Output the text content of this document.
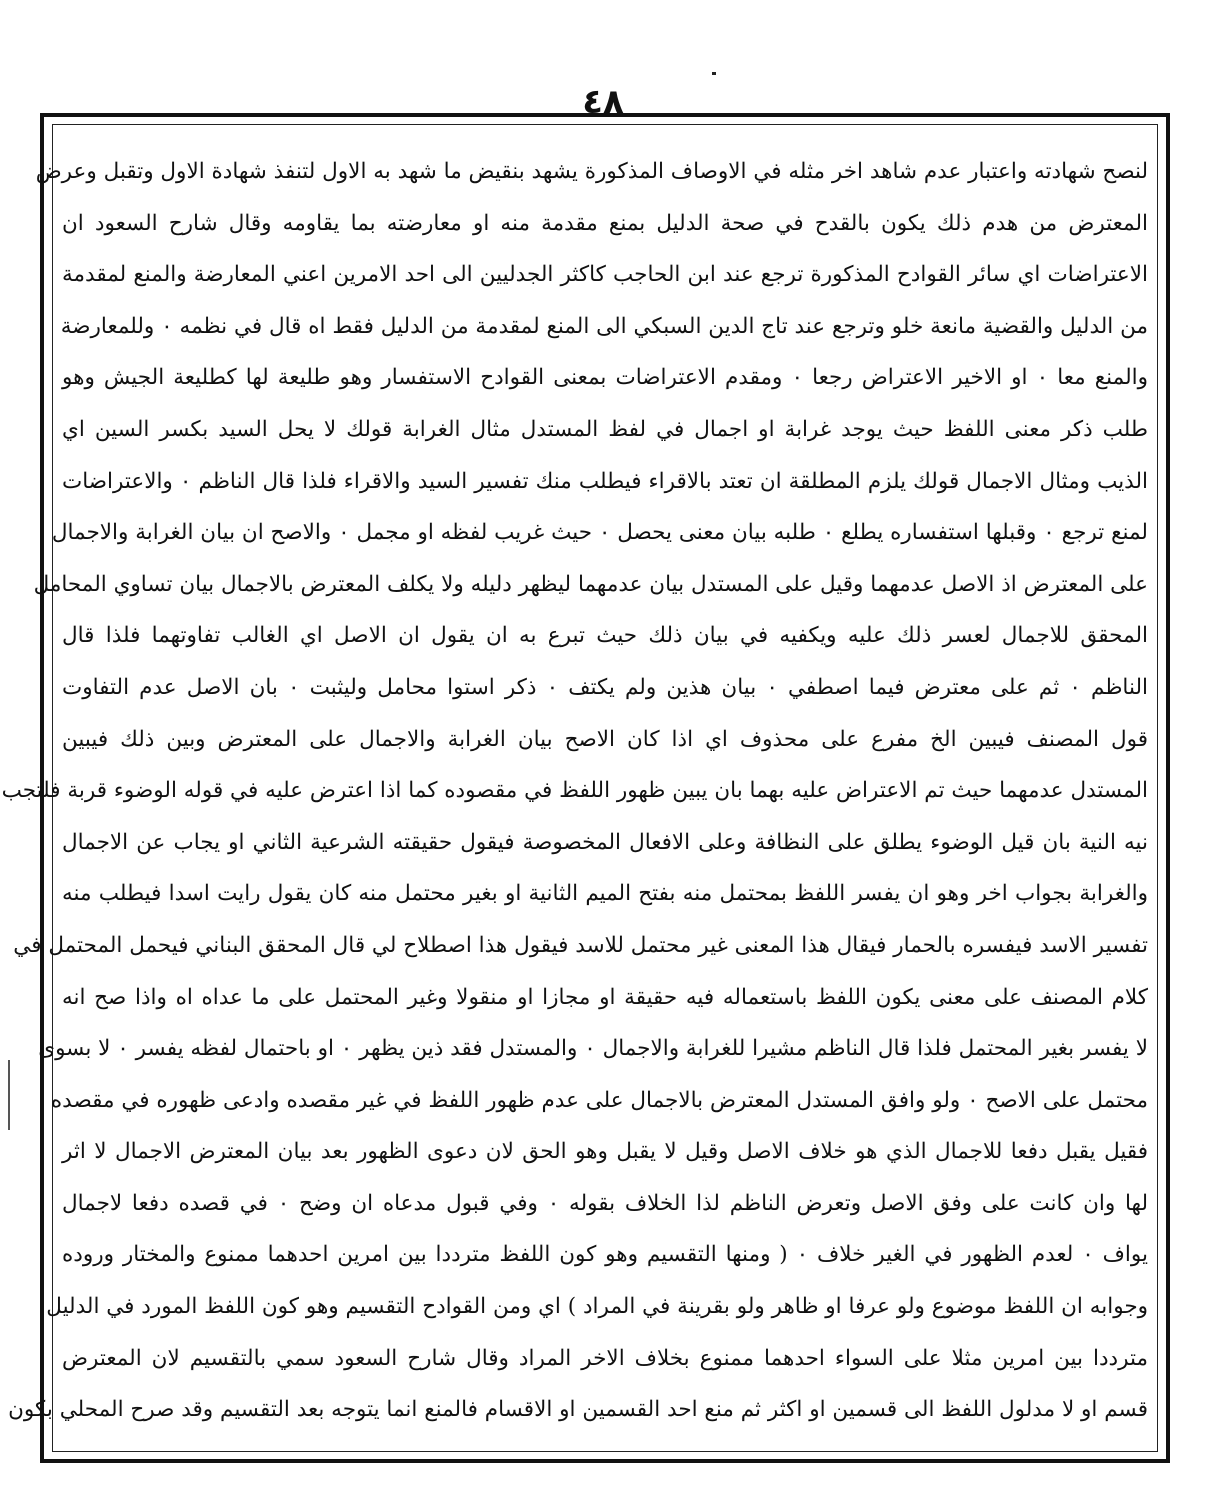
٤٨
لنصح شهادته واعتبار عدم شاهد اخر مثله في الاوصاف المذكورة يشهد بنقيض ما شهد به الاول لتنفذ شهادة الاول وتقبل وعرض
المعترض من هدم ذلك يكون بالقدح في صحة الدليل بمنع مقدمة منه او معارضته بما يقاومه وقال شارح السعود ان
الاعتراضات اي سائر القوادح المذكورة ترجع عند ابن الحاجب كاكثر الجدليين الى احد الامرين اعني المعارضة والمنع لمقدمة
من الدليل والقضية مانعة خلو وترجع عند تاج الدين السبكي الى المنع لمقدمة من الدليل فقط اه قال في نظمه ٠ وللمعارضة
والمنع معا ٠ او الاخير الاعتراض رجعا ٠ ومقدم الاعتراضات بمعنى القوادح الاستفسار وهو طليعة لها كطليعة الجيش وهو
طلب ذكر معنى اللفظ حيث يوجد غرابة او اجمال في لفظ المستدل مثال الغرابة قولك لا يحل السيد بكسر السين اي
الذيب ومثال الاجمال قولك يلزم المطلقة ان تعتد بالاقراء فيطلب منك تفسير السيد والاقراء فلذا قال الناظم ٠ والاعتراضات
لمنع ترجع ٠ وقبلها استفساره يطلع ٠ طلبه بيان معنى يحصل ٠ حيث غريب لفظه او مجمل ٠ والاصح ان بيان الغرابة والاجمال
على المعترض اذ الاصل عدمهما وقيل على المستدل بيان عدمهما ليظهر دليله ولا يكلف المعترض بالاجمال بيان تساوي المحامل
المحقق للاجمال لعسر ذلك عليه ويكفيه في بيان ذلك حيث تبرع به ان يقول ان الاصل اي الغالب تفاوتهما فلذا قال
الناظم ٠ ثم على معترض فيما اصطفي ٠ بيان هذين ولم يكتف ٠ ذكر استوا محامل وليثبت ٠ بان الاصل عدم التفاوت
قول المصنف فيبين الخ مفرع على محذوف اي اذا كان الاصح بيان الغرابة والاجمال على المعترض وبين ذلك فيبين
المستدل عدمهما حيث تم الاعتراض عليه بهما بان يبين ظهور اللفظ في مقصوده كما اذا اعترض عليه في قوله الوضوء قربة فلتجب
نيه النية بان قيل الوضوء يطلق على النظافة وعلى الافعال المخصوصة فيقول حقيقته الشرعية الثاني او يجاب عن الاجمال
والغرابة بجواب اخر وهو ان يفسر اللفظ بمحتمل منه بفتح الميم الثانية او بغير محتمل منه كان يقول رايت اسدا فيطلب منه
تفسير الاسد فيفسره بالحمار فيقال هذا المعنى غير محتمل للاسد فيقول هذا اصطلاح لي قال المحقق البناني فيحمل المحتمل في
كلام المصنف على معنى يكون اللفظ باستعماله فيه حقيقة او مجازا او منقولا وغير المحتمل على ما عداه اه واذا صح انه
لا يفسر بغير المحتمل فلذا قال الناظم مشيرا للغرابة والاجمال ٠ والمستدل فقد ذين يظهر ٠ او باحتمال لفظه يفسر ٠ لا بسوى
محتمل على الاصح ٠ ولو وافق المستدل المعترض بالاجمال على عدم ظهور اللفظ في غير مقصده وادعى ظهوره في مقصده
فقيل يقبل دفعا للاجمال الذي هو خلاف الاصل وقيل لا يقبل وهو الحق لان دعوى الظهور بعد بيان المعترض الاجمال لا اثر
لها وان كانت على وفق الاصل وتعرض الناظم لذا الخلاف بقوله ٠ وفي قبول مدعاه ان وضح ٠ في قصده دفعا لاجمال
يواف ٠ لعدم الظهور في الغير خلاف ٠ ( ومنها التقسيم وهو كون اللفظ مترددا بين امرين احدهما ممنوع والمختار وروده
وجوابه ان اللفظ موضوع ولو عرفا او ظاهر ولو بقرينة في المراد ) اي ومن القوادح التقسيم وهو كون اللفظ المورد في الدليل
مترددا بين امرين مثلا على السواء احدهما ممنوع بخلاف الاخر المراد وقال شارح السعود سمي بالتقسيم لان المعترض
قسم او لا مدلول اللفظ الى قسمين او اكثر ثم منع احد القسمين او الاقسام فالمنع انما يتوجه بعد التقسيم وقد صرح المحلي بكون
